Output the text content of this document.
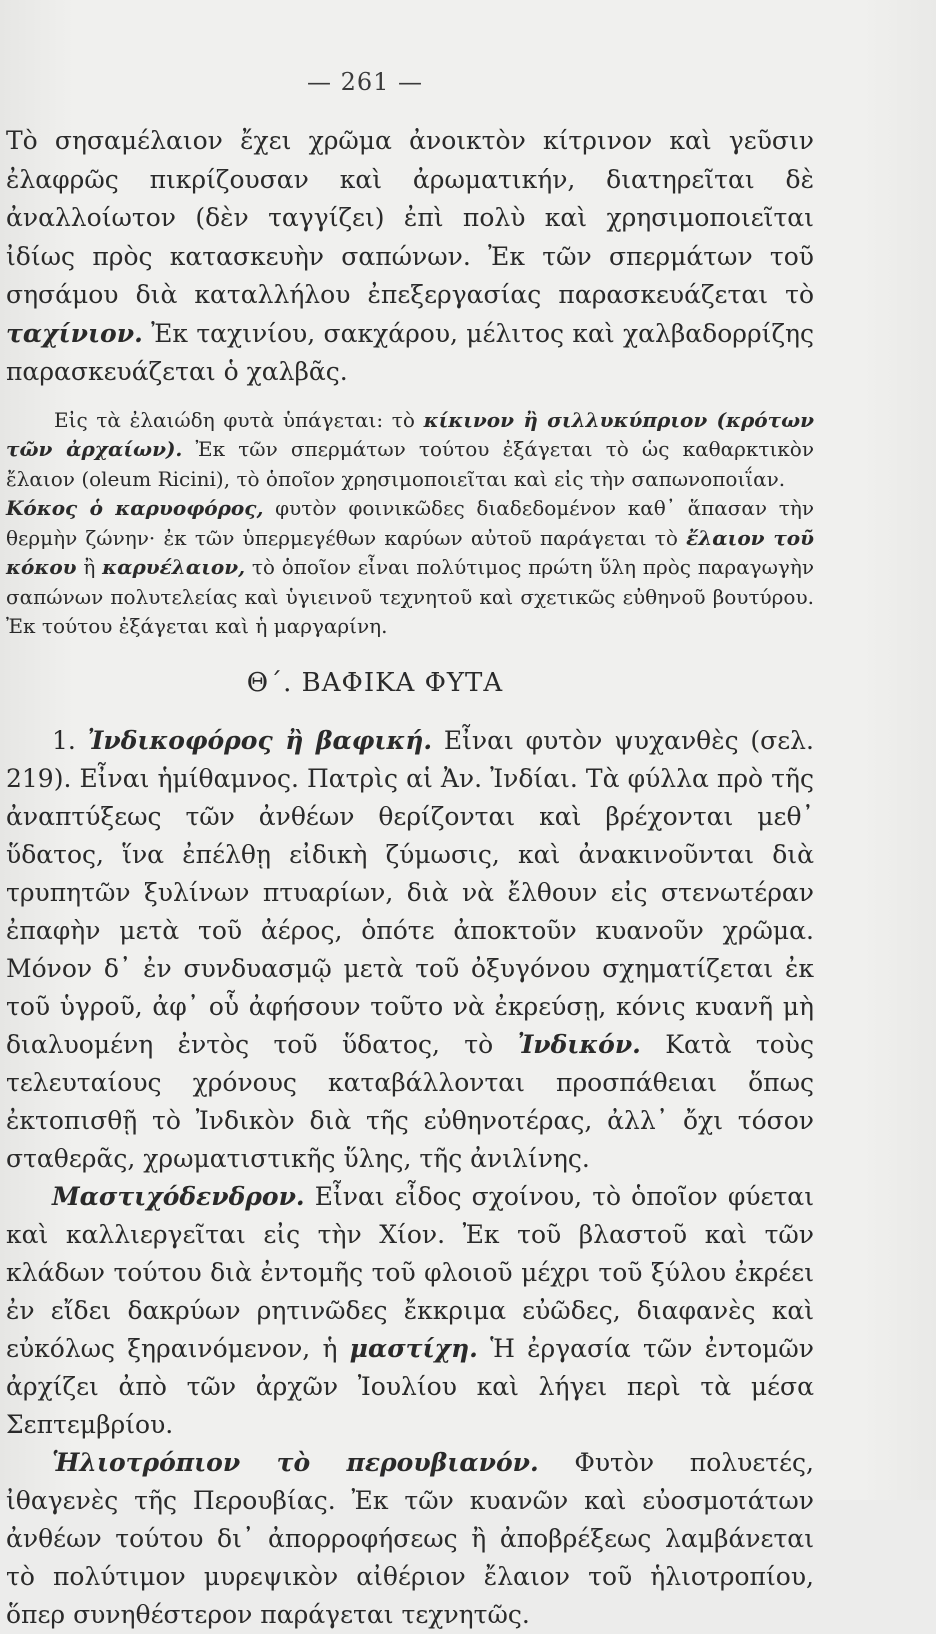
— 261 —

Τὸ σησαμέλαιον ἔχει χρῶμα ἀνοικτὸν κίτρινον καὶ γεῦσιν ἐλαφρῶς πικρίζουσαν καὶ ἀρωματικήν, διατηρεῖται δὲ ἀναλλοίωτον (δὲν ταγγίζει) ἐπὶ πολὺ καὶ χρησιμοποιεῖται ἰδίως πρὸς κατασκευὴν σαπώνων. Ἐκ τῶν σπερμάτων τοῦ σησάμου διὰ καταλλήλου ἐπεξεργασίας παρασκευάζεται τὸ ταχίνιον. Ἐκ ταχινίου, σακχάρου, μέλιτος καὶ χαλβαδορρίζης παρασκευάζεται ὁ χαλβᾶς.

Εἰς τὰ ἐλαιώδη φυτὰ ὑπάγεται: τὸ κίκινον ἢ σιλλυκύπριον (κρότων τῶν ἀρχαίων). Ἐκ τῶν σπερμάτων τούτου ἐξάγεται τὸ ὡς καθαρκτικὸν ἔλαιον (oleum Ricini), τὸ ὁποῖον χρησιμοποιεῖται καὶ εἰς τὴν σαπωνοποιΐαν.

Κόκος ὁ καρυοφόρος, φυτὸν φοινικῶδες διαδεδομένον καθ᾽ ἅπασαν τὴν θερμὴν ζώνην· ἐκ τῶν ὑπερμεγέθων καρύων αὐτοῦ παράγεται τὸ ἔλαιον τοῦ κόκου ἢ καρυέλαιον, τὸ ὁποῖον εἶναι πολύτιμος πρώτη ὕλη πρὸς παραγωγὴν σαπώνων πολυτελείας καὶ ὑγιεινοῦ τεχνητοῦ καὶ σχετικῶς εὐθηνοῦ βουτύρου. Ἐκ τούτου ἐξάγεται καὶ ἡ μαργαρίνη.

Θ΄. ΒΑΦΙΚΑ ΦΥΤΑ

1. Ἰνδικοφόρος ἢ βαφική. Εἶναι φυτὸν ψυχανθὲς (σελ. 219). Εἶναι ἡμίθαμνος. Πατρὶς αἱ Ἀν. Ἰνδίαι. Τὰ φύλλα πρὸ τῆς ἀναπτύξεως τῶν ἀνθέων θερίζονται καὶ βρέχονται μεθ᾽ ὕδατος, ἵνα ἐπέλθῃ εἰδικὴ ζύμωσις, καὶ ἀνακινοῦνται διὰ τρυπητῶν ξυλίνων πτυαρίων, διὰ νὰ ἔλθουν εἰς στενωτέραν ἐπαφὴν μετὰ τοῦ ἀέρος, ὁπότε ἀποκτοῦν κυανοῦν χρῶμα. Μόνον δ᾽ ἐν συνδυασμῷ μετὰ τοῦ ὀξυγόνου σχηματίζεται ἐκ τοῦ ὑγροῦ, ἀφ᾽ οὗ ἀφήσουν τοῦτο νὰ ἐκρεύσῃ, κόνις κυανῆ μὴ διαλυομένη ἐντὸς τοῦ ὕδατος, τὸ Ἰνδικόν. Κατὰ τοὺς τελευταίους χρόνους καταβάλλονται προσπάθειαι ὅπως ἐκτοπισθῇ τὸ Ἰνδικὸν διὰ τῆς εὐθηνοτέρας, ἀλλ᾽ ὄχι τόσον σταθερᾶς, χρωματιστικῆς ὕλης, τῆς ἀνιλίνης.

Μαστιχόδενδρον. Εἶναι εἶδος σχοίνου, τὸ ὁποῖον φύεται καὶ καλλιεργεῖται εἰς τὴν Χίον. Ἐκ τοῦ βλαστοῦ καὶ τῶν κλάδων τούτου διὰ ἐντομῆς τοῦ φλοιοῦ μέχρι τοῦ ξύλου ἐκρέει ἐν εἴδει δακρύων ρητινῶδες ἔκκριμα εὐῶδες, διαφανὲς καὶ εὐκόλως ξηραινόμενον, ἡ μαστίχη. Ἡ ἐργασία τῶν ἐντομῶν ἀρχίζει ἀπὸ τῶν ἀρχῶν Ἰουλίου καὶ λήγει περὶ τὰ μέσα Σεπτεμβρίου.

Ἡλιοτρόπιον τὸ περουβιανόν. Φυτὸν πολυετές, ἰθαγενὲς τῆς Περουβίας. Ἐκ τῶν κυανῶν καὶ εὐοσμοτάτων ἀνθέων τούτου δι᾽ ἀπορροφήσεως ἢ ἀποβρέξεως λαμβάνεται τὸ πολύτιμον μυρεψικὸν αἰθέριον ἔλαιον τοῦ ἡλιοτροπίου, ὅπερ συνηθέστερον παράγεται τεχνητῶς.
